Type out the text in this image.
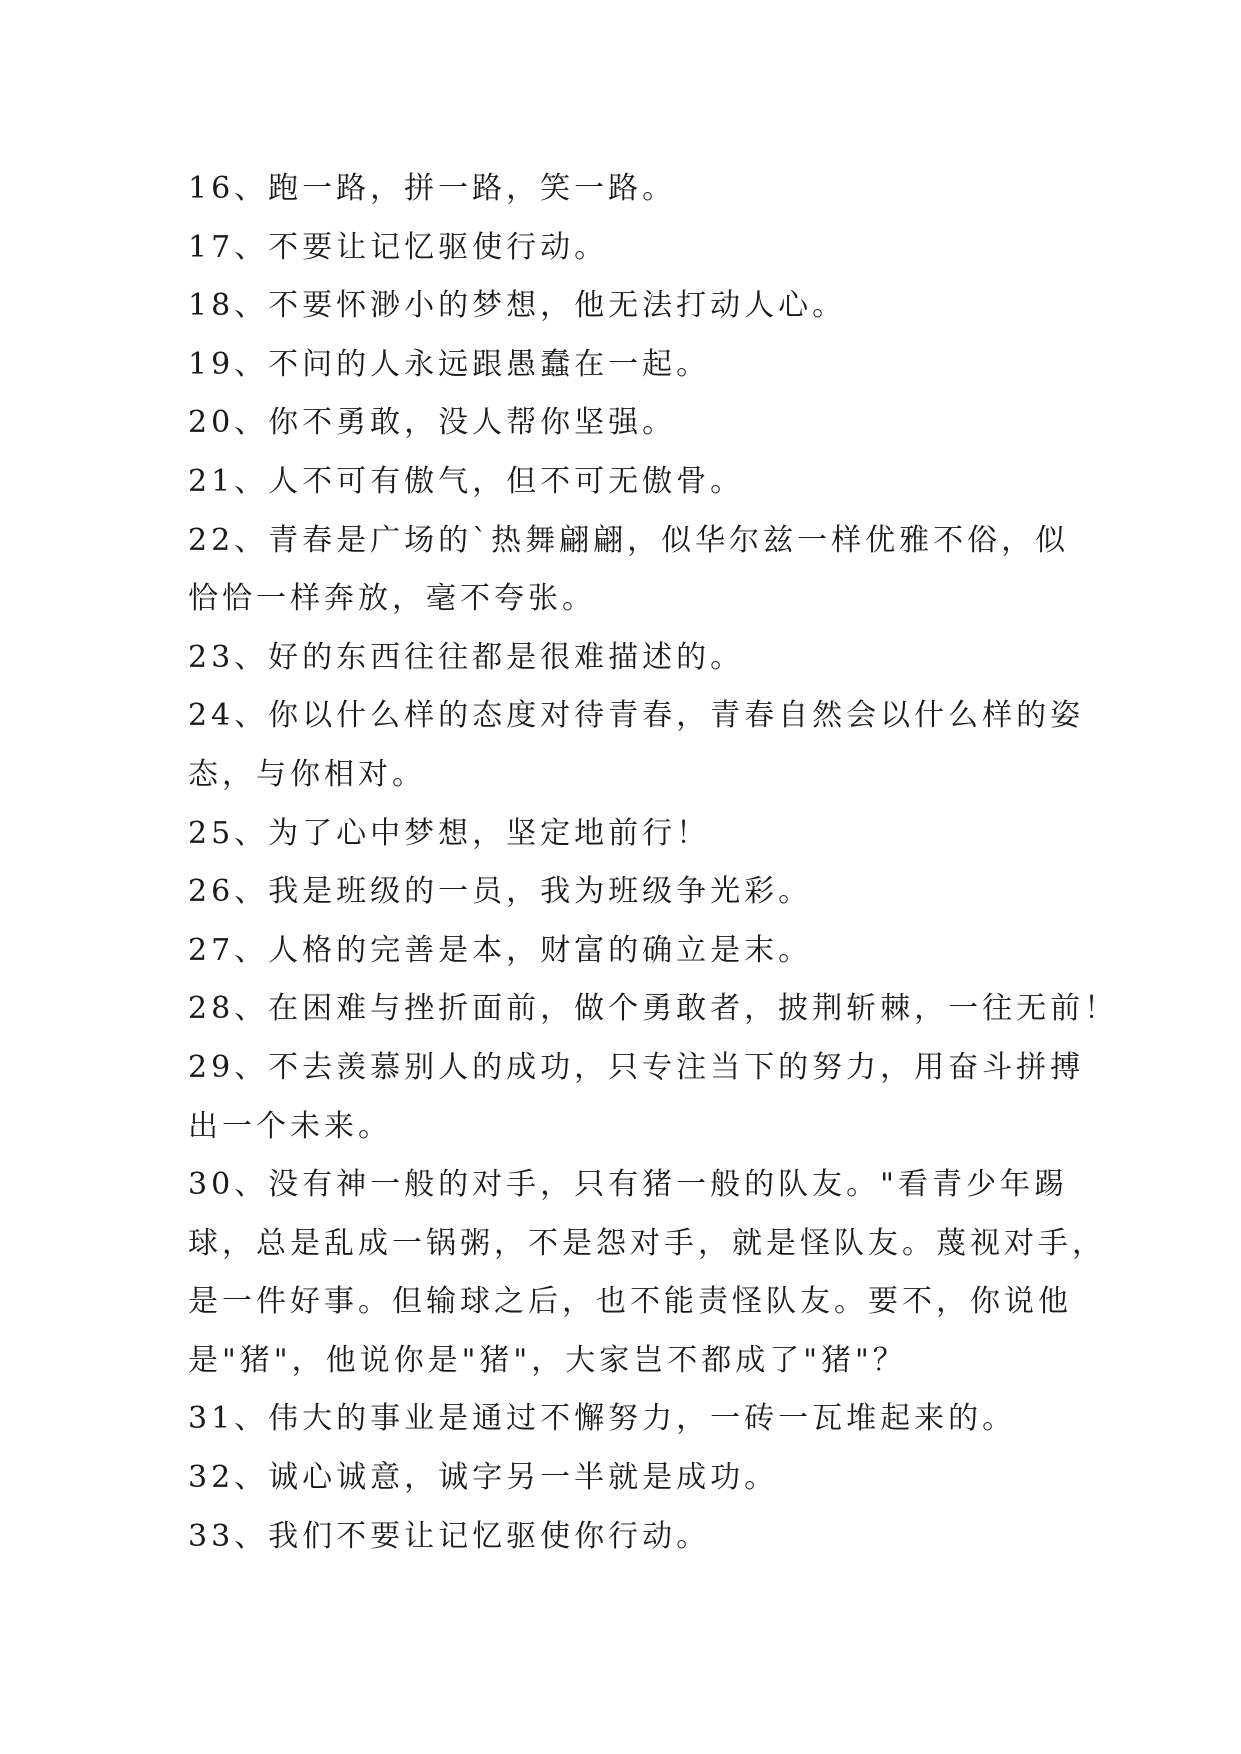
16、跑一路，拼一路，笑一路。
17、不要让记忆驱使行动。
18、不要怀渺小的梦想，他无法打动人心。
19、不问的人永远跟愚蠢在一起。
20、你不勇敢，没人帮你坚强。
21、人不可有傲气，但不可无傲骨。
22、青春是广场的`热舞翩翩，似华尔兹一样优雅不俗，似
恰恰一样奔放，毫不夸张。
23、好的东西往往都是很难描述的。
24、你以什么样的态度对待青春，青春自然会以什么样的姿
态，与你相对。
25、为了心中梦想，坚定地前行！
26、我是班级的一员，我为班级争光彩。
27、人格的完善是本，财富的确立是末。
28、在困难与挫折面前，做个勇敢者，披荆斩棘，一往无前！
29、不去羡慕别人的成功，只专注当下的努力，用奋斗拼搏
出一个未来。
30、没有神一般的对手，只有猪一般的队友。"看青少年踢
球，总是乱成一锅粥，不是怨对手，就是怪队友。蔑视对手，
是一件好事。但输球之后，也不能责怪队友。要不，你说他
是"猪"，他说你是"猪"，大家岂不都成了"猪"？
31、伟大的事业是通过不懈努力，一砖一瓦堆起来的。
32、诚心诚意，诚字另一半就是成功。
33、我们不要让记忆驱使你行动。
